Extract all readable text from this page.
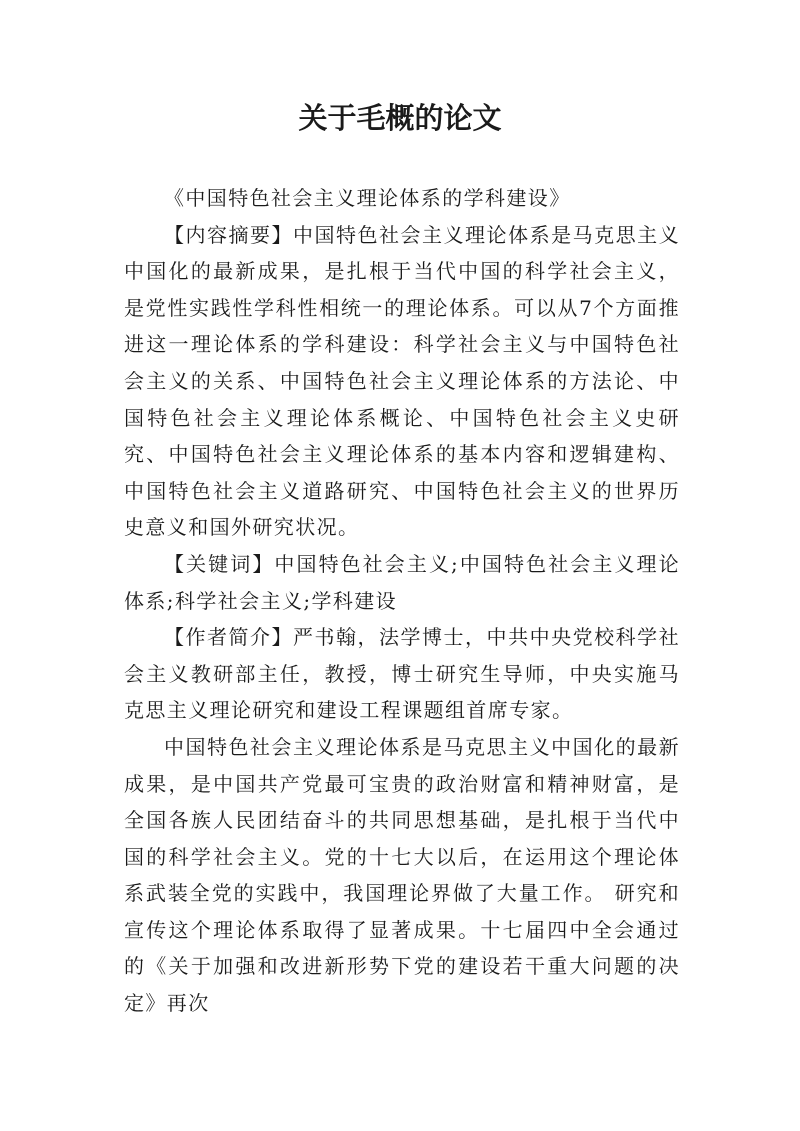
关于毛概的论文

《中国特色社会主义理论体系的学科建设》

【内容摘要】中国特色社会主义理论体系是马克思主义中国化的最新成果，是扎根于当代中国的科学社会主义，是党性实践性学科性相统一的理论体系。可以从7个方面推进这一理论体系的学科建设：科学社会主义与中国特色社会主义的关系、中国特色社会主义理论体系的方法论、中国特色社会主义理论体系概论、中国特色社会主义史研究、中国特色社会主义理论体系的基本内容和逻辑建构、中国特色社会主义道路研究、中国特色社会主义的世界历史意义和国外研究状况。

【关键词】中国特色社会主义;中国特色社会主义理论体系;科学社会主义;学科建设

【作者简介】严书翰，法学博士，中共中央党校科学社会主义教研部主任，教授，博士研究生导师，中央实施马克思主义理论研究和建设工程课题组首席专家。

中国特色社会主义理论体系是马克思主义中国化的最新成果，是中国共产党最可宝贵的政治财富和精神财富，是全国各族人民团结奋斗的共同思想基础，是扎根于当代中国的科学社会主义。党的十七大以后，在运用这个理论体系武装全党的实践中，我国理论界做了大量工作。 研究和宣传这个理论体系取得了显著成果。十七届四中全会通过的《关于加强和改进新形势下党的建设若干重大问题的决定》再次
